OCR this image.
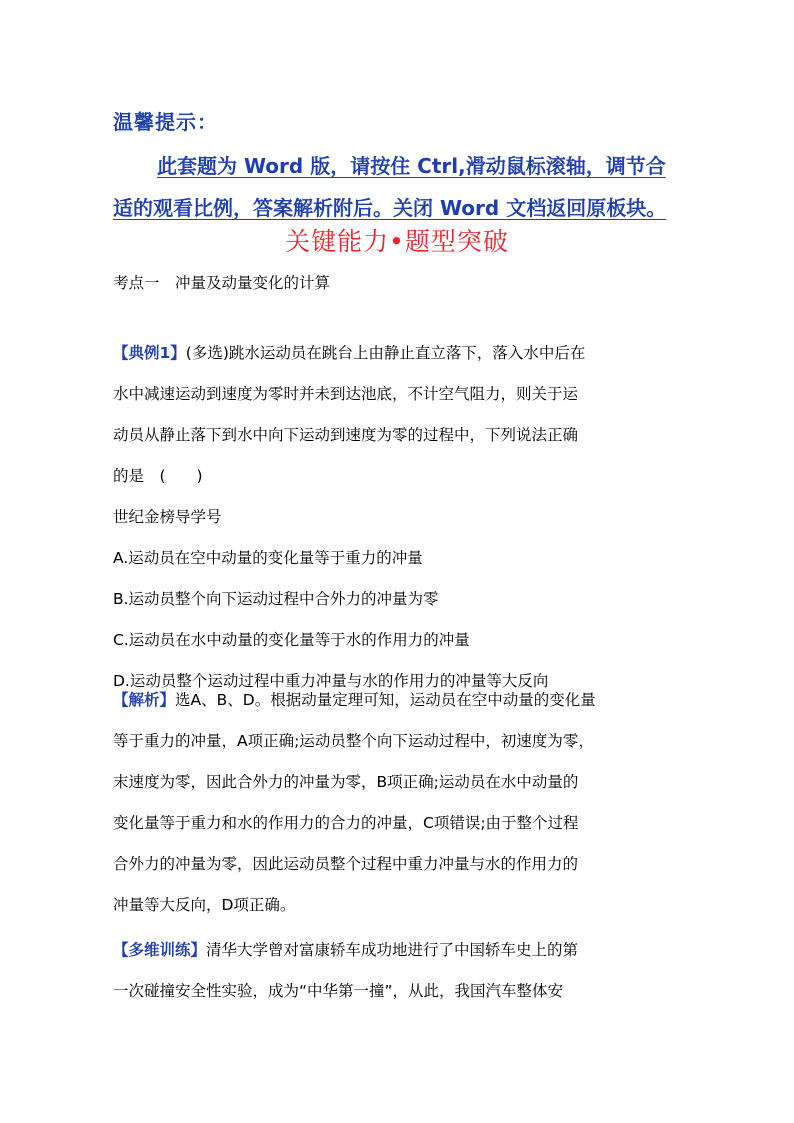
温馨提示：
此套题为 Word 版，请按住 Ctrl,滑动鼠标滚轴，调节合
适的观看比例，答案解析附后。关闭 Word 文档返回原板块。
关键能力•题型突破
考点一　冲量及动量变化的计算
【典例1】(多选)跳水运动员在跳台上由静止直立落下，落入水中后在
水中减速运动到速度为零时并未到达池底，不计空气阻力，则关于运
动员从静止落下到水中向下运动到速度为零的过程中，下列说法正确
的是　(　　)
世纪金榜导学号
A.运动员在空中动量的变化量等于重力的冲量
B.运动员整个向下运动过程中合外力的冲量为零
C.运动员在水中动量的变化量等于水的作用力的冲量
D.运动员整个运动过程中重力冲量与水的作用力的冲量等大反向
【解析】选A、B、D。根据动量定理可知，运动员在空中动量的变化量
等于重力的冲量，A项正确;运动员整个向下运动过程中，初速度为零，
末速度为零，因此合外力的冲量为零，B项正确;运动员在水中动量的
变化量等于重力和水的作用力的合力的冲量，C项错误;由于整个过程
合外力的冲量为零，因此运动员整个过程中重力冲量与水的作用力的
冲量等大反向，D项正确。
【多维训练】清华大学曾对富康轿车成功地进行了中国轿车史上的第
一次碰撞安全性实验，成为“中华第一撞”，从此，我国汽车整体安
